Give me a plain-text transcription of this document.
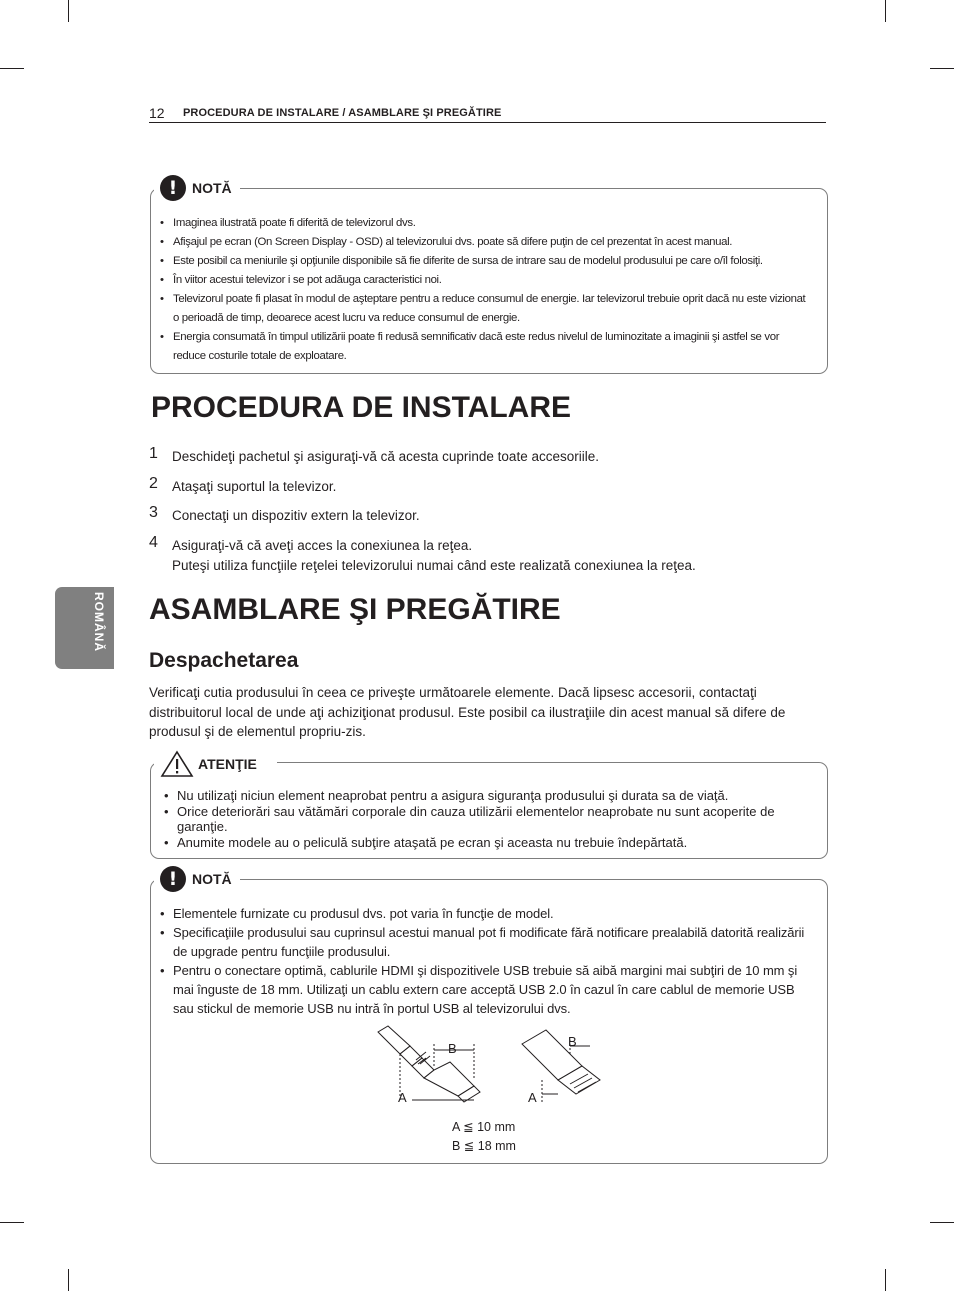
12 PROCEDURA DE INSTALARE / ASAMBLARE ŞI PREGĂTIRE
ROMÂNĂ
!	NOTĂ
• Imaginea ilustrată poate fi diferită de televizorul dvs.
• Afişajul pe ecran (On Screen Display - OSD) al televizorului dvs. poate să difere puţin de cel prezentat în acest manual.
• Este posibil ca meniurile şi opţiunile disponibile să fie diferite de sursa de intrare sau de modelul produsului pe care o/îl folosiţi.
• În viitor acestui televizor i se pot adăuga caracteristici noi.
• Televizorul poate fi plasat în modul de aşteptare pentru a reduce consumul de energie. Iar televizorul trebuie oprit dacă nu este vizionat o perioadă de timp, deoarece acest lucru va reduce consumul de energie.
• Energia consumată în timpul utilizării poate fi redusă semnificativ dacă este redus nivelul de luminozitate a imaginii şi astfel se vor reduce costurile totale de exploatare.
PROCEDURA DE INSTALARE
1 Deschideţi pachetul şi asiguraţi-vă că acesta cuprinde toate accesoriile.
2 Ataşaţi suportul la televizor.
3 Conectaţi un dispozitiv extern la televizor.
4 Asiguraţi-vă că aveţi acces la conexiunea la reţea.
Puteşi utiliza funcţiile reţelei televizorului numai când este realizată conexiunea la reţea.
ASAMBLARE ŞI PREGĂTIRE
Despachetarea
Verificaţi cutia produsului în ceea ce priveşte următoarele elemente. Dacă lipsesc accesorii, contactaţi distribuitorul local de unde aţi achiziţionat produsul. Este posibil ca ilustraţiile din acest manual să difere de produsul şi de elementul propriu-zis.
ATENŢIE
• Nu utilizaţi niciun element neaprobat pentru a asigura siguranţa produsului şi durata sa de viaţă.
• Orice deteriorări sau vătămări corporale din cauza utilizării elementelor neaprobate nu sunt acoperite de garanţie.
• Anumite modele au o peliculă subţire ataşată pe ecran şi aceasta nu trebuie îndepărtată.
!	NOTĂ
• Elementele furnizate cu produsul dvs. pot varia în funcţie de model.
• Specificaţiile produsului sau cuprinsul acestui manual pot fi modificate fără notificare prealabilă datorită realizării de upgrade pentru funcţiile produsului.
• Pentru o conectare optimă, cablurile HDMI şi dispozitivele USB trebuie să aibă margini mai subţiri de 10 mm şi mai înguste de 18 mm. Utilizaţi un cablu extern care acceptă USB 2.0 în cazul în care cablul de memorie USB sau stickul de memorie USB nu intră în portul USB al televizorului dvs.
A
B
A
B
A ≦ 10 mm
B ≦ 18 mm
